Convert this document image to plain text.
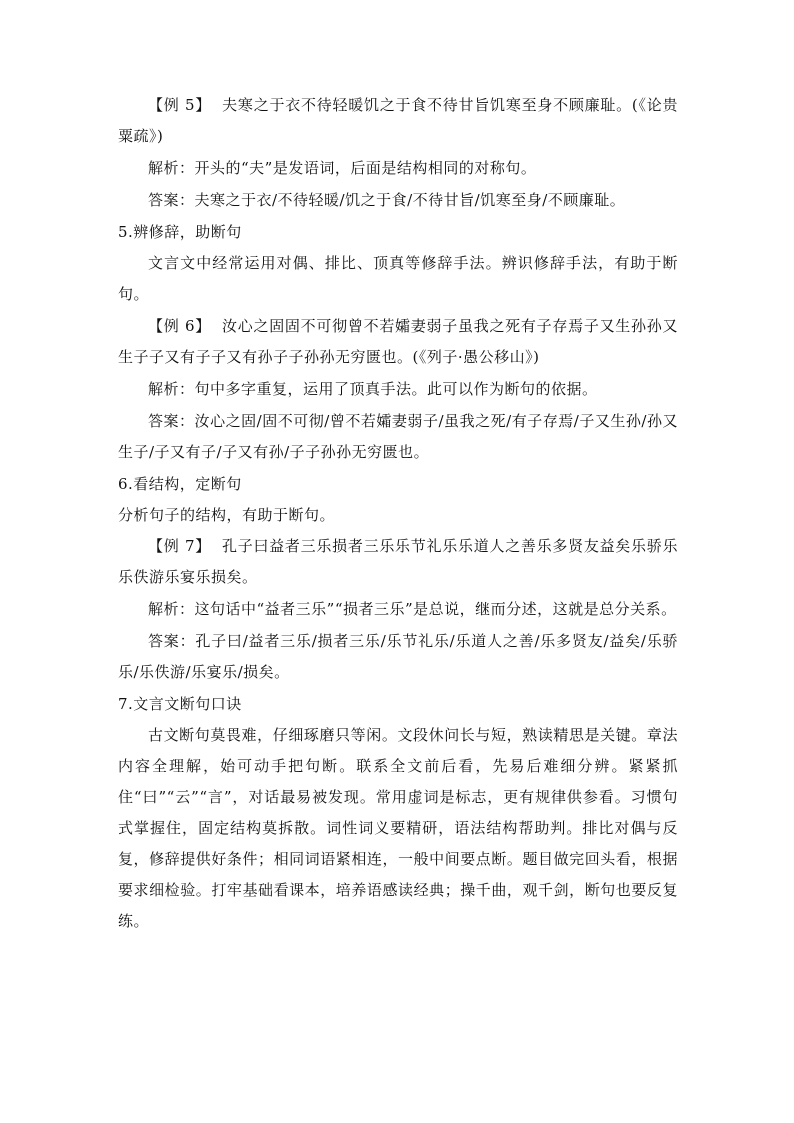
【例 5】 夫寒之于衣不待轻暖饥之于食不待甘旨饥寒至身不顾廉耻。(《论贵粟疏》)

解析：开头的“夫”是发语词，后面是结构相同的对称句。

答案：夫寒之于衣/不待轻暖/饥之于食/不待甘旨/饥寒至身/不顾廉耻。

5.辨修辞，助断句

文言文中经常运用对偶、排比、顶真等修辞手法。辨识修辞手法，有助于断句。

【例 6】 汝心之固固不可彻曾不若孀妻弱子虽我之死有子存焉子又生孙孙又生子子又有子子又有孙子子孙孙无穷匮也。(《列子·愚公移山》)

解析：句中多字重复，运用了顶真手法。此可以作为断句的依据。

答案：汝心之固/固不可彻/曾不若孀妻弱子/虽我之死/有子存焉/子又生孙/孙又生子/子又有子/子又有孙/子子孙孙无穷匮也。

6.看结构，定断句

分析句子的结构，有助于断句。

【例 7】 孔子曰益者三乐损者三乐乐节礼乐乐道人之善乐多贤友益矣乐骄乐乐佚游乐宴乐损矣。

解析：这句话中“益者三乐”“损者三乐”是总说，继而分述，这就是总分关系。

答案：孔子曰/益者三乐/损者三乐/乐节礼乐/乐道人之善/乐多贤友/益矣/乐骄乐/乐佚游/乐宴乐/损矣。

7.文言文断句口诀

古文断句莫畏难，仔细琢磨只等闲。文段休问长与短，熟读精思是关键。章法内容全理解，始可动手把句断。联系全文前后看，先易后难细分辨。紧紧抓住“曰”“云”“言”，对话最易被发现。常用虚词是标志，更有规律供参看。习惯句式掌握住，固定结构莫拆散。词性词义要精研，语法结构帮助判。排比对偶与反复，修辞提供好条件；相同词语紧相连，一般中间要点断。题目做完回头看，根据要求细检验。打牢基础看课本，培养语感读经典；操千曲，观千剑，断句也要反复练。
